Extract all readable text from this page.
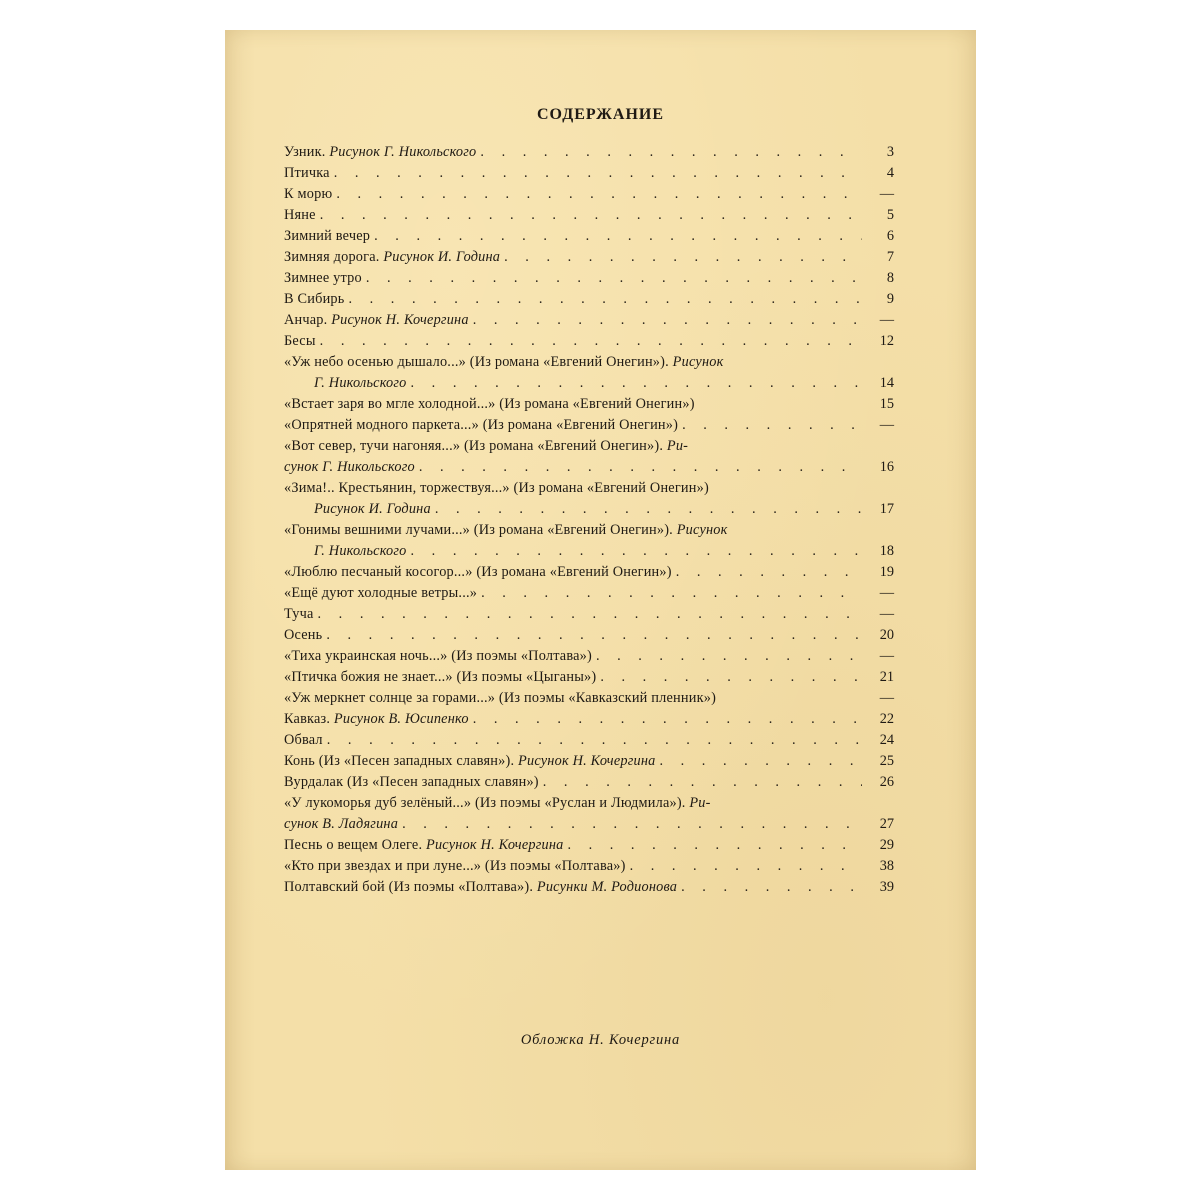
СОДЕРЖАНИЕ
Узник. Рисунок Г. Никольского . . .	3
Птичка . . .	4
К морю . . .	—
Няне . . .	5
Зимний вечер . . .	6
Зимняя дорога. Рисунок И. Година . . .	7
Зимнее утро . . .	8
В Сибирь . . .	9
Анчар. Рисунок Н. Кочергина . . .	—
Бесы . . .	12
«Уж небо осенью дышало...» (Из романа «Евгений Онегин»). Рисунок
Г. Никольского . . .	14
«Встает заря во мгле холодной...» (Из романа «Евгений Онегин»)	15
«Опрятней модного паркета...» (Из романа «Евгений Онегин») . . .	—
«Вот север, тучи нагоняя...» (Из романа «Евгений Онегин»). Ри-
сунок Г. Никольского . . .	16
«Зима!.. Крестьянин, торжествуя...» (Из романа «Евгений Онегин»)
Рисунок И. Година . . .	17
«Гонимы вешними лучами...» (Из романа «Евгений Онегин»). Рисунок
Г. Никольского . . .	18
«Люблю песчаный косогор...» (Из романа «Евгений Онегин») . . .	19
«Ещё дуют холодные ветры...» . . .	—
Туча . . .	—
Осень . . .	20
«Тиха украинская ночь...» (Из поэмы «Полтава») . . .	—
«Птичка божия не знает...» (Из поэмы «Цыганы») . . .	21
«Уж меркнет солнце за горами...» (Из поэмы «Кавказский пленник»)	—
Кавказ. Рисунок В. Юсипенко . . .	22
Обвал . . .	24
Конь (Из «Песен западных славян»). Рисунок Н. Кочергина . . .	25
Вурдалак (Из «Песен западных славян») . . .	26
«У лукоморья дуб зелёный...» (Из поэмы «Руслан и Людмила»). Ри-
сунок В. Ладягина . . .	27
Песнь о вещем Олеге. Рисунок Н. Кочергина . . .	29
«Кто при звездах и при луне...» (Из поэмы «Полтава») . . .	38
Полтавский бой (Из поэмы «Полтава»). Рисунки М. Родионова . . .	39
Обложка Н. Кочергина
